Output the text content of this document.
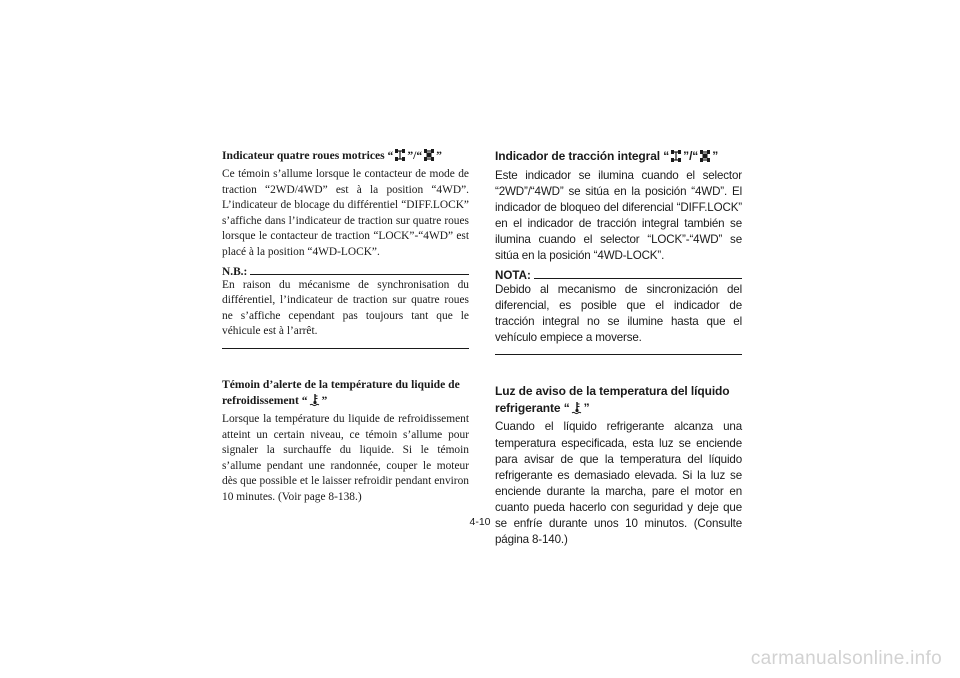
Indicateur quatre roues motrices “ ”/“ ”

Ce témoin s’allume lorsque le contacteur de mode de traction “2WD/4WD” est à la position “4WD”. L’indicateur de blocage du différentiel “DIFF.LOCK” s’affiche dans l’indicateur de traction sur quatre roues lorsque le contacteur de traction “LOCK”-“4WD” est placé à la position “4WD-LOCK”.

N.B.:

En raison du mécanisme de synchronisation du différentiel, l’indicateur de traction sur quatre roues ne s’affiche cependant pas toujours tant que le véhicule est à l’arrêt.

Témoin d’alerte de la température du liquide de refroidissement “ ”

Lorsque la température du liquide de refroidissement atteint un certain niveau, ce témoin s’allume pour signaler la surchauffe du liquide. Si le témoin s’allume pendant une randonnée, couper le moteur dès que possible et le laisser refroidir pendant environ 10 minutes. (Voir page 8-138.)

Indicador de tracción integral “ ”/“ ”

Este indicador se ilumina cuando el selector “2WD”/“4WD” se sitúa en la posición “4WD”. El indicador de bloqueo del diferencial “DIFF.LOCK” en el indicador de tracción integral también se ilumina cuando el selector “LOCK”-“4WD” se sitúa en la posición “4WD-LOCK”.

NOTA:

Debido al mecanismo de sincronización del diferencial, es posible que el indicador de tracción integral no se ilumine hasta que el vehículo empiece a moverse.

Luz de aviso de la temperatura del líquido refrigerante “ ”

Cuando el líquido refrigerante alcanza una temperatura especificada, esta luz se enciende para avisar de que la temperatura del líquido refrigerante es demasiado elevada. Si la luz se enciende durante la marcha, pare el motor en cuanto pueda hacerlo con seguridad y deje que se enfríe durante unos 10 minutos. (Consulte página 8-140.)

4-10
carmanualsonline.info
